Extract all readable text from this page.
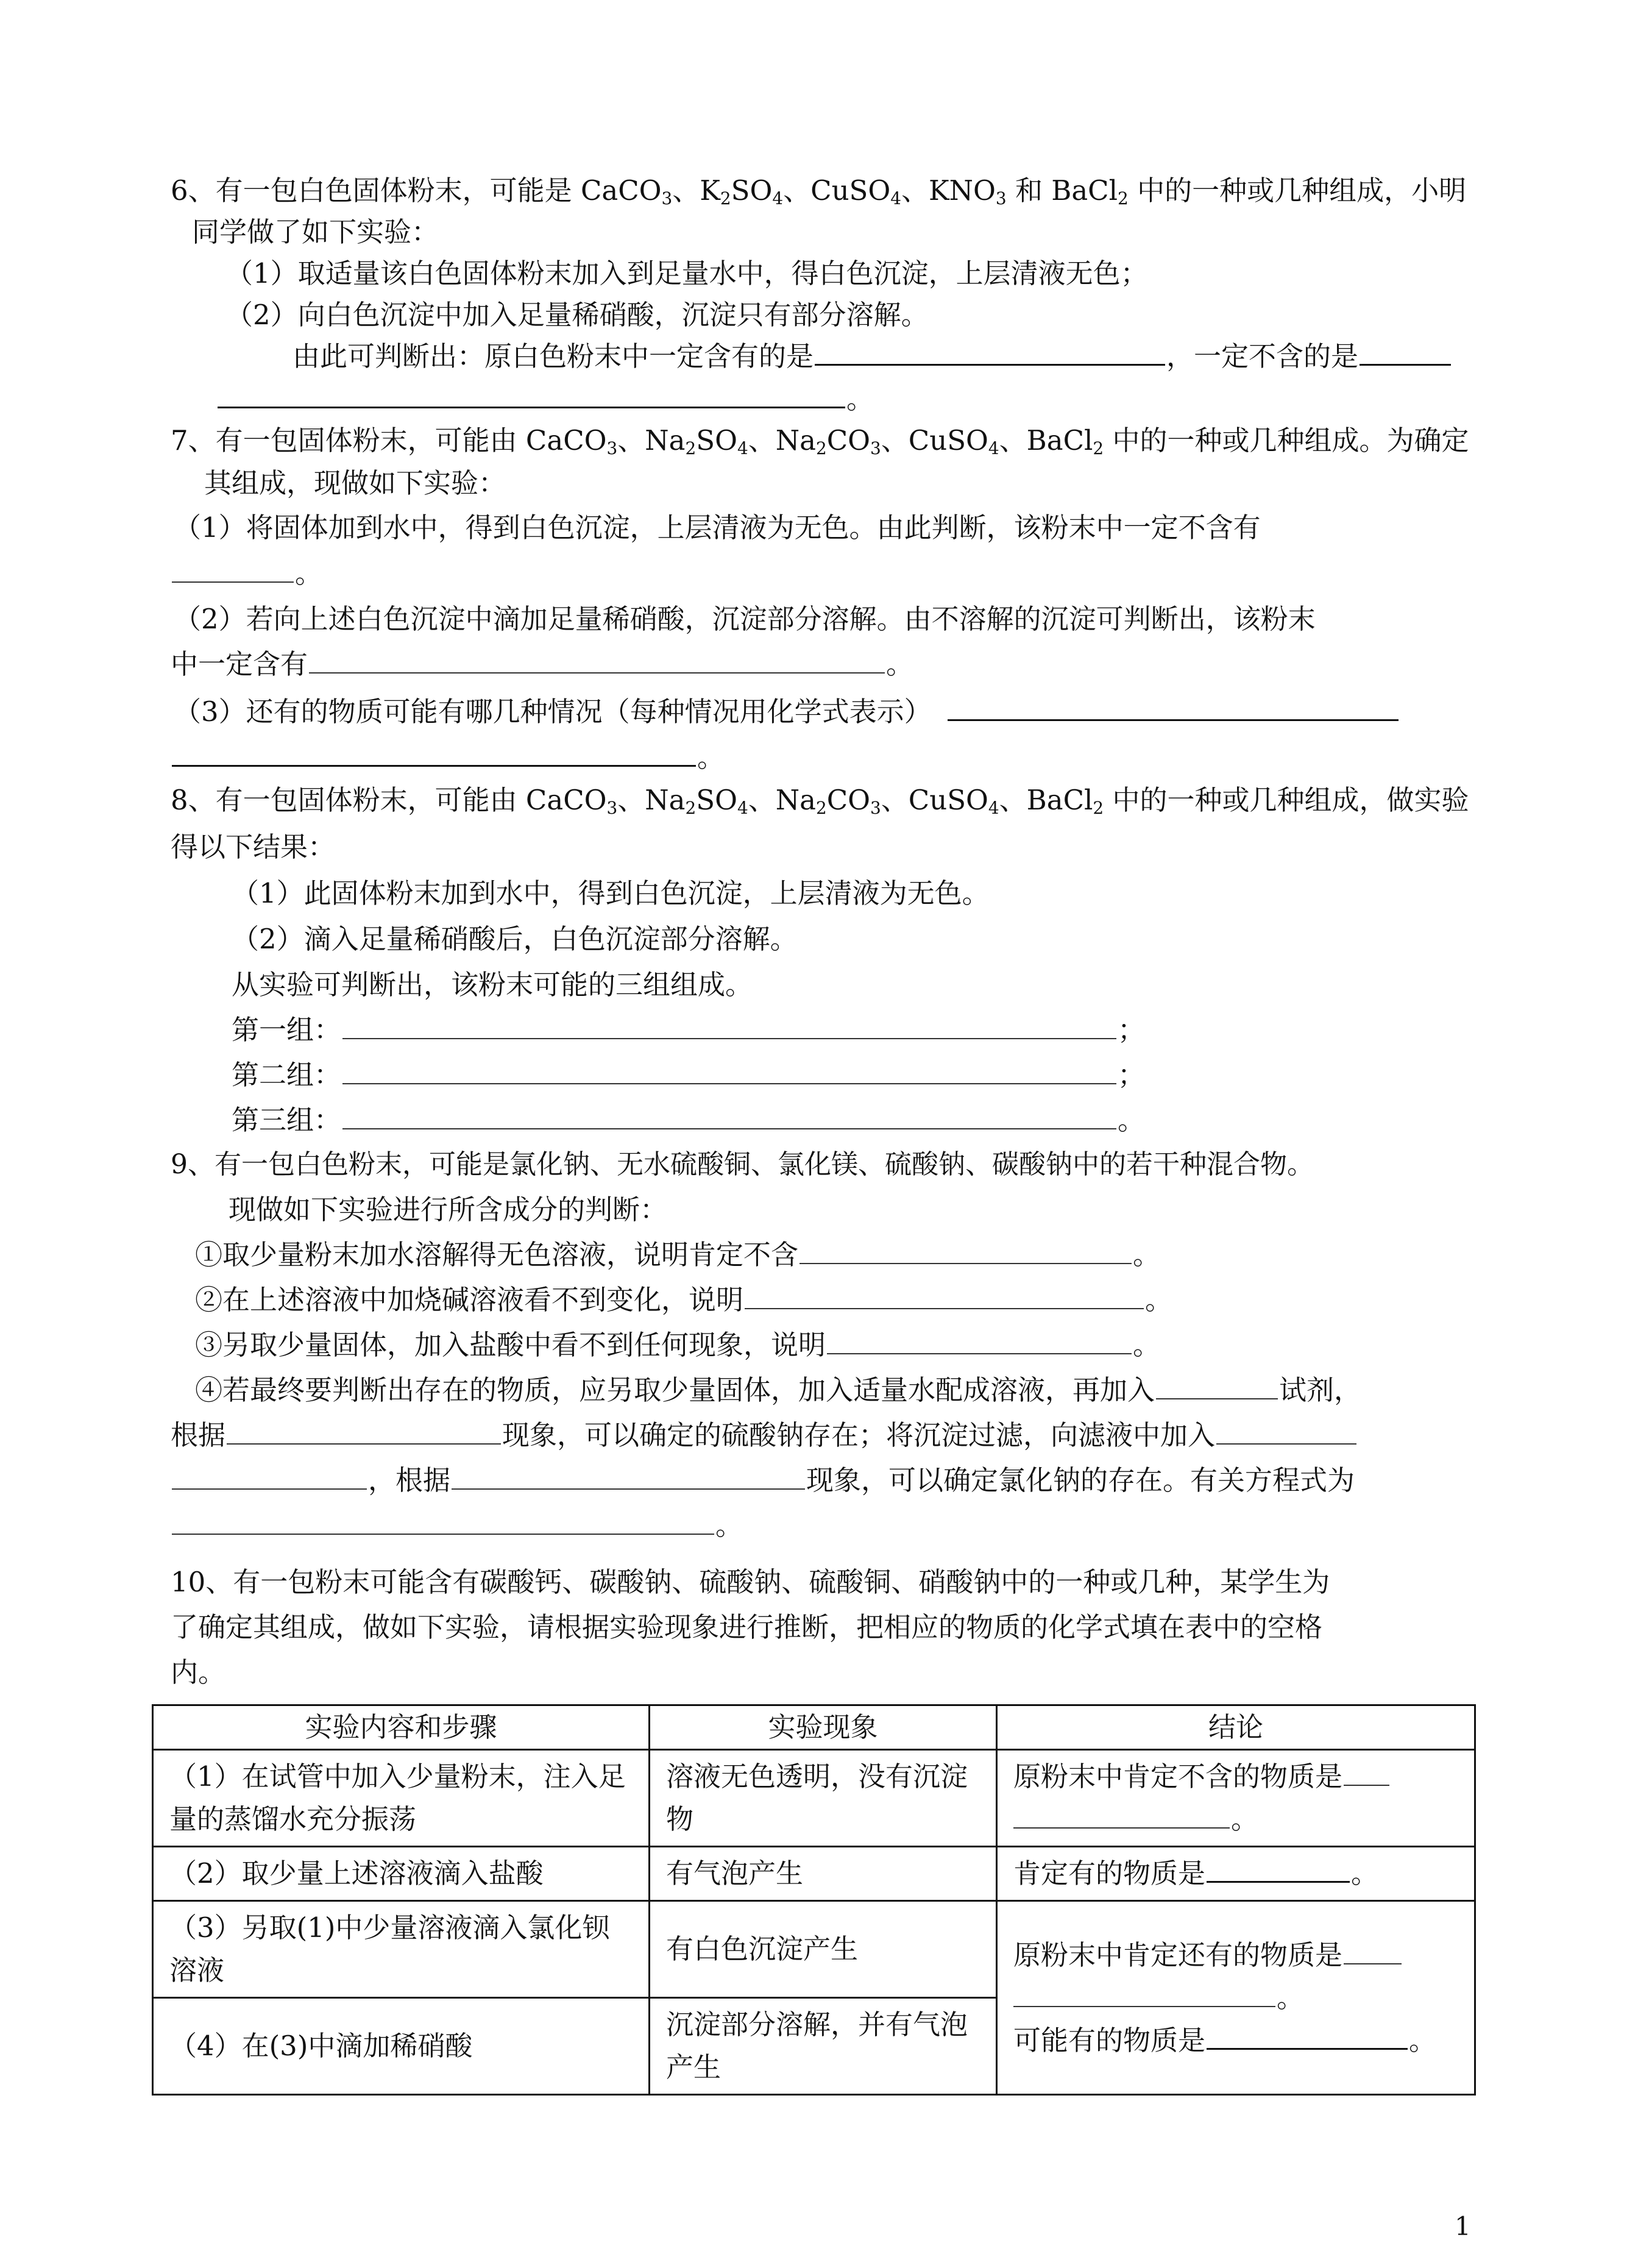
6、有一包白色固体粉末，可能是 CaCO$_3$、$K_2SO_4$、CuSO$_4$、$KNO_3$ 和 BaCl$_2$ 中的一种或几种组成，小明
同学做了如下实验：
（1）取适量该白色固体粉末加入到足量水中，得白色沉淀，上层清液无色；
（2）向白色沉淀中加入足量稀硝酸，沉淀只有部分溶解。
由此可判断出：原白色粉末中一定含有的是	，一定不含的是
。
7、有一包固体粉末，可能由 CaCO$_3$、$Na_2SO_4$、$Na_2CO_3$、CuSO$_4$、BaCl$_2$ 中的一种或几种组成。为确定
其组成，现做如下实验：
（1）将固体加到水中，得到白色沉淀，上层清液为无色。由此判断，该粉末中一定不含有
。
（2）若向上述白色沉淀中滴加足量稀硝酸，沉淀部分溶解。由不溶解的沉淀可判断出，该粉末
中一定含有	。
（3）还有的物质可能有哪几种情况（每种情况用化学式表示）
。
8、有一包固体粉末，可能由 CaCO$_3$、$Na_2SO_4$、$Na_2CO_3$、CuSO$_4$、BaCl$_2$ 中的一种或几种组成，做实验
得以下结果：
（1）此固体粉末加到水中，得到白色沉淀，上层清液为无色。
（2）滴入足量稀硝酸后，白色沉淀部分溶解。
从实验可判断出，该粉末可能的三组组成。
第一组：	；
第二组：	；
第三组：	。
9、有一包白色粉末，可能是氯化钠、无水硫酸铜、氯化镁、硫酸钠、碳酸钠中的若干种混合物。
现做如下实验进行所含成分的判断：
①取少量粉末加水溶解得无色溶液，说明肯定不含	。
②在上述溶液中加烧碱溶液看不到变化，说明	。
③另取少量固体，加入盐酸中看不到任何现象，说明	。
④若最终要判断出存在的物质，应另取少量固体，加入适量水配成溶液，再加入	试剂，
根据	现象，可以确定的硫酸钠存在；将沉淀过滤，向滤液中加入
，根据	现象，可以确定氯化钠的存在。有关方程式为
。
10、有一包粉末可能含有碳酸钙、碳酸钠、硫酸钠、硫酸铜、硝酸钠中的一种或几种，某学生为
了确定其组成，做如下实验，请根据实验现象进行推断，把相应的物质的化学式填在表中的空格
内。
实验内容和步骤	实验现象	结论
（1）在试管中加入少量粉末，注入足量的蒸馏水充分振荡	溶液无色透明，没有沉淀物	原粉末中肯定不含的物质是
。
（2）取少量上述溶液滴入盐酸	有气泡产生	肯定有的物质是 。
（3）另取(1)中少量溶液滴入氯化钡溶液	有白色沉淀产生	原粉末中肯定还有的物质是
。
可能有的物质是 。
（4）在(3)中滴加稀硝酸	沉淀部分溶解，并有气泡产生	
1
